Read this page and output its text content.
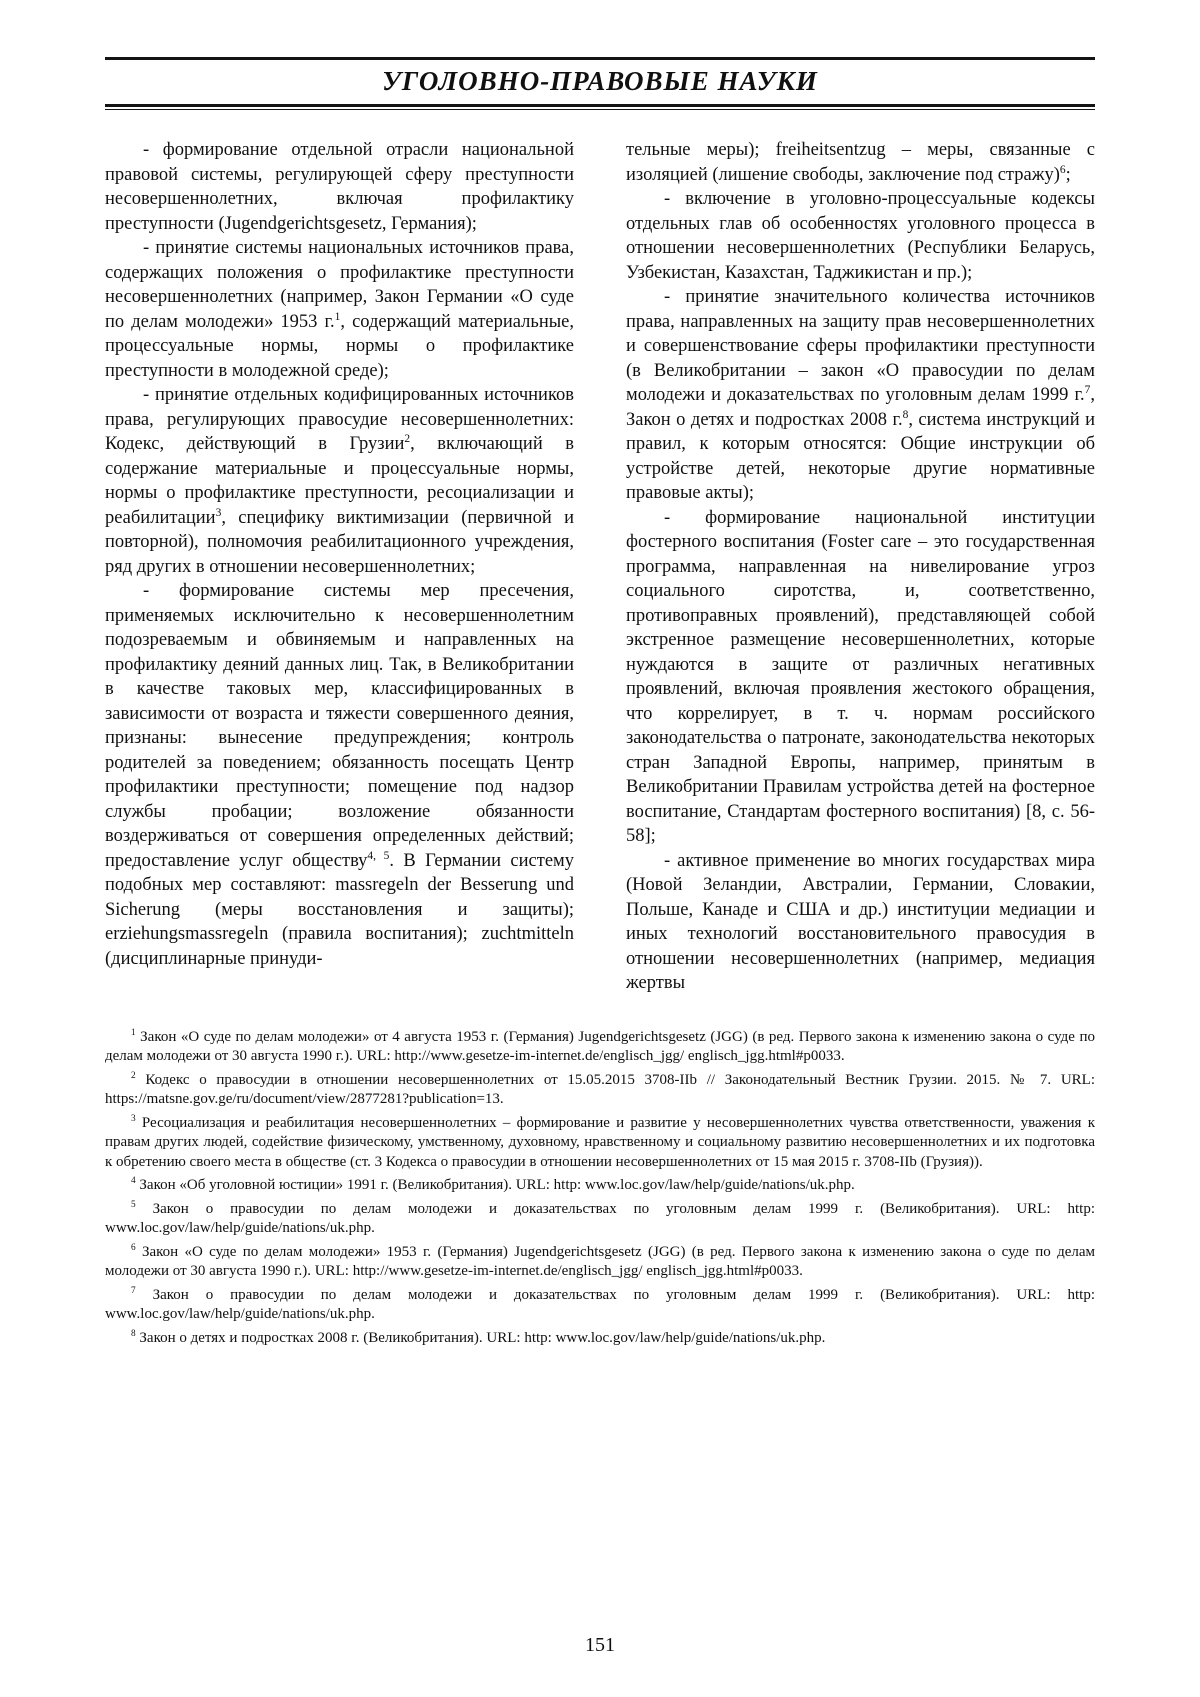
УГОЛОВНО-ПРАВОВЫЕ НАУКИ

- формирование отдельной отрасли национальной правовой системы, регулирующей сферу преступности несовершеннолетних, включая профилактику преступности (Jugendgerichtsgesetz, Германия);

- принятие системы национальных источников права, содержащих положения о профилактике преступности несовершеннолетних (например, Закон Германии «О суде по делам молодежи» 1953 г.$^1$, содержащий материальные, процессуальные нормы, нормы о профилактике преступности в молодежной среде);

- принятие отдельных кодифицированных источников права, регулирующих правосудие несовершеннолетних: Кодекс, действующий в Грузии$^2$, включающий в содержание материальные и процессуальные нормы, нормы о профилактике преступности, ресоциализации и реабилитации$^3$, специфику виктимизации (первичной и повторной), полномочия реабилитационного учреждения, ряд других в отношении несовершеннолетних;

- формирование системы мер пресечения, применяемых исключительно к несовершеннолетним подозреваемым и обвиняемым и направленных на профилактику деяний данных лиц. Так, в Великобритании в качестве таковых мер, классифицированных в зависимости от возраста и тяжести совершенного деяния, признаны: вынесение предупреждения; контроль родителей за поведением; обязанность посещать Центр профилактики преступности; помещение под надзор службы пробации; возложение обязанности воздерживаться от совершения определенных действий; предоставление услуг обществу$^{4, 5}$. В Германии систему подобных мер составляют: massregeln der Besserung und Sicherung (меры восстановления и защиты); erziehungsmassregeln (правила воспитания); zuchtmitteln (дисциплинарные принуди-

тельные меры); freiheitsentzug – меры, связанные с изоляцией (лишение свободы, заключение под стражу)$^6$;

- включение в уголовно-процессуальные кодексы отдельных глав об особенностях уголовного процесса в отношении несовершеннолетних (Республики Беларусь, Узбекистан, Казахстан, Таджикистан и пр.);

- принятие значительного количества источников права, направленных на защиту прав несовершеннолетних и совершенствование сферы профилактики преступности (в Великобритании – закон «О правосудии по делам молодежи и доказательствах по уголовным делам 1999 г.$^7$, Закон о детях и подростках 2008 г.$^8$, система инструкций и правил, к которым относятся: Общие инструкции об устройстве детей, некоторые другие нормативные правовые акты);

- формирование национальной институции фостерного воспитания (Foster care – это государственная программа, направленная на нивелирование угроз социального сиротства, и, соответственно, противоправных проявлений), представляющей собой экстренное размещение несовершеннолетних, которые нуждаются в защите от различных негативных проявлений, включая проявления жестокого обращения, что коррелирует, в т. ч. нормам российского законодательства о патронате, законодательства некоторых стран Западной Европы, например, принятым в Великобритании Правилам устройства детей на фостерное воспитание, Стандартам фостерного воспитания) [8, с. 56-58];

- активное применение во многих государствах мира (Новой Зеландии, Австралии, Германии, Словакии, Польше, Канаде и США и др.) институции медиации и иных технологий восстановительного правосудия в отношении несовершеннолетних (например, медиация жертвы

$^1$ Закон «О суде по делам молодежи» от 4 августа 1953 г. (Германия) Jugendgerichtsgesetz (JGG) (в ред. Первого закона к изменению закона о суде по делам молодежи от 30 августа 1990 г.). URL: http://www.gesetze-im-internet.de/englisch_jgg/ englisch_jgg.html#p0033.

$^2$ Кодекс о правосудии в отношении несовершеннолетних от 15.05.2015 3708-IIb // Законодательный Вестник Грузии. 2015. № 7. URL: https://matsne.gov.ge/ru/document/view/2877281?publication=13.

$^3$ Ресоциализация и реабилитация несовершеннолетних – формирование и развитие у несовершеннолетних чувства ответственности, уважения к правам других людей, содействие физическому, умственному, духовному, нравственному и социальному развитию несовершеннолетних и их подготовка к обретению своего места в обществе (ст. 3 Кодекса о правосудии в отношении несовершеннолетних от 15 мая 2015 г. 3708-IIb (Грузия)).

$^4$ Закон «Об уголовной юстиции» 1991 г. (Великобритания). URL: http: www.loc.gov/law/help/guide/nations/uk.php.

$^5$ Закон о правосудии по делам молодежи и доказательствах по уголовным делам 1999 г. (Великобритания). URL: http: www.loc.gov/law/help/guide/nations/uk.php.

$^6$ Закон «О суде по делам молодежи» 1953 г. (Германия) Jugendgerichtsgesetz (JGG) (в ред. Первого закона к изменению закона о суде по делам молодежи от 30 августа 1990 г.). URL: http://www.gesetze-im-internet.de/englisch_jgg/ englisch_jgg.html#p0033.

$^7$ Закон о правосудии по делам молодежи и доказательствах по уголовным делам 1999 г. (Великобритания). URL: http: www.loc.gov/law/help/guide/nations/uk.php.

$^8$ Закон о детях и подростках 2008 г. (Великобритания). URL: http: www.loc.gov/law/help/guide/nations/uk.php.

151
